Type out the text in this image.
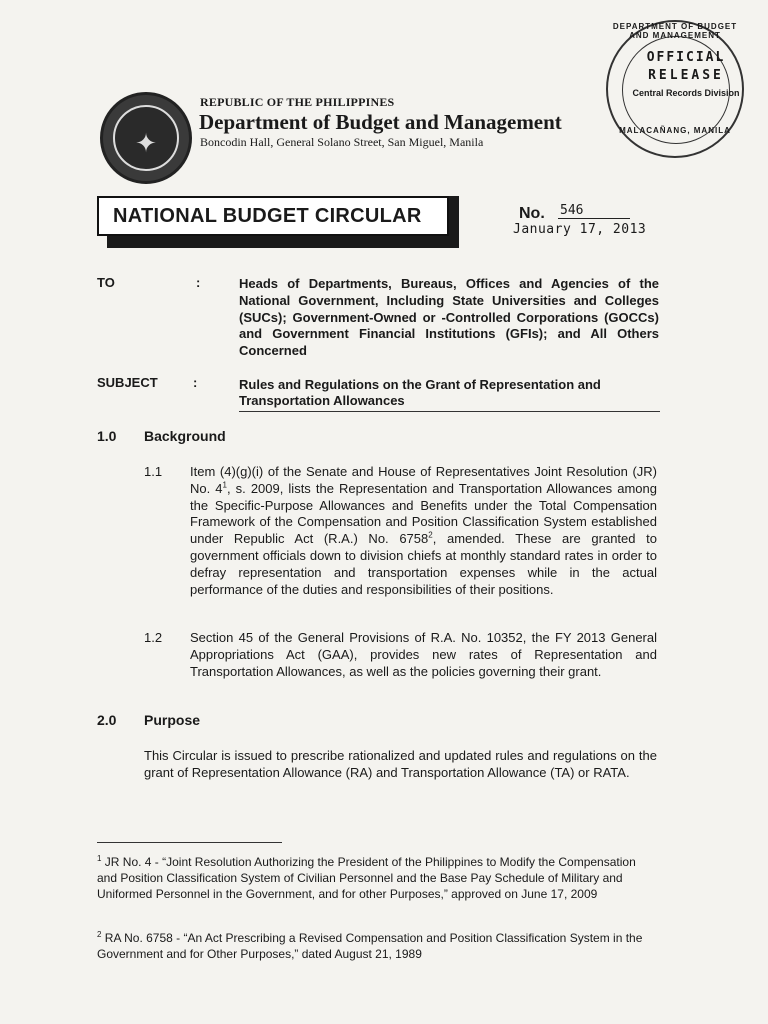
✦
REPUBLIC OF THE PHILIPPINES
Department of Budget and Management
Boncodin Hall, General Solano Street, San Miguel, Manila
DEPARTMENT OF BUDGET AND MANAGEMENT
OFFICIAL
RELEASE
Central Records Division
MALACAÑANG, MANILA
NATIONAL BUDGET CIRCULAR	No. 546
January 17, 2013
TO	:	Heads of Departments, Bureaus, Offices and Agencies of the National Government, Including State Universities and Colleges (SUCs); Government-Owned or -Controlled Corporations (GOCCs) and Government Financial Institutions (GFIs); and All Others Concerned
SUBJECT	:	Rules and Regulations on the Grant of Representation and Transportation Allowances
1.0 Background
1.1 Item (4)(g)(i) of the Senate and House of Representatives Joint Resolution (JR) No. $4^1$, s. 2009, lists the Representation and Transportation Allowances among the Specific-Purpose Allowances and Benefits under the Total Compensation Framework of the Compensation and Position Classification System established under Republic Act (R.A.) No. 6758$^2$, amended. These are granted to government officials down to division chiefs at monthly standard rates in order to defray representation and transportation expenses while in the actual performance of the duties and responsibilities of their positions.
1.2 Section 45 of the General Provisions of R.A. No. 10352, the FY 2013 General Appropriations Act (GAA), provides new rates of Representation and Transportation Allowances, as well as the policies governing their grant.
2.0 Purpose
This Circular is issued to prescribe rationalized and updated rules and regulations on the grant of Representation Allowance (RA) and Transportation Allowance (TA) or RATA.
$^1$ JR No. 4 - “Joint Resolution Authorizing the President of the Philippines to Modify the Compensation and Position Classification System of Civilian Personnel and the Base Pay Schedule of Military and Uniformed Personnel in the Government, and for other Purposes,” approved on June 17, 2009
$^2$ RA No. 6758 - “An Act Prescribing a Revised Compensation and Position Classification System in the Government and for Other Purposes,” dated August 21, 1989
